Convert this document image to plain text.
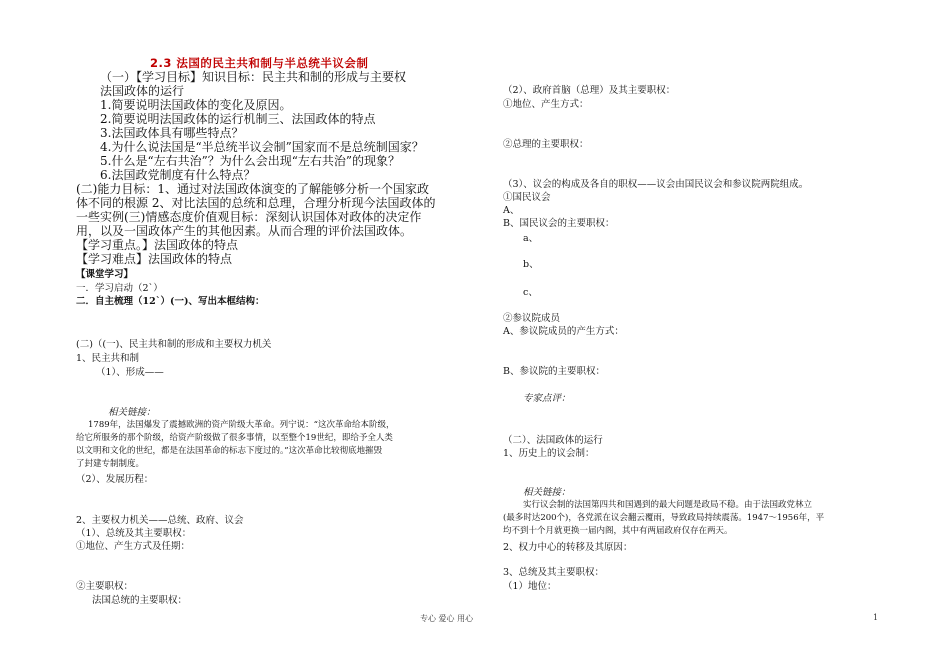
2.3 法国的民主共和制与半总统半议会制
（一）【学习目标】知识目标：民主共和制的形成与主要权
法国政体的运行
1.简要说明法国政体的变化及原因。
2.简要说明法国政体的运行机制三、法国政体的特点
3.法国政体具有哪些特点？
4.为什么说法国是“半总统半议会制”国家而不是总统制国家？
5.什么是“左右共治”？为什么会出现“左右共治”的现象？
6.法国政党制度有什么特点？
(二)能力目标：1、通过对法国政体演变的了解能够分析一个国家政
体不同的根源 2、对比法国的总统和总理，合理分析现今法国政体的
一些实例(三)情感态度价值观目标：深刻认识国体对政体的决定作
用，以及一国政体产生的其他因素。从而合理的评价法国政体。
【学习重点。】法国政体的特点
【学习难点】法国政体的特点
【课堂学习】
一．学习启动（2`）
二．自主梳理（12`）(一)、写出本框结构：
(二)（(一)、民主共和制的形成和主要权力机关
1、民主共和制
（1）、形成——
相关链接：
1789年，法国爆发了震撼欧洲的资产阶级大革命。列宁说：“这次革命给本阶级，
给它所服务的那个阶级，给资产阶级做了很多事情，以至整个19世纪，即给予全人类
以文明和文化的世纪，都是在法国革命的标志下度过的。”这次革命比较彻底地摧毁
了封建专制制度。
（2）、发展历程：
2、主要权力机关——总统、政府、议会
（1）、总统及其主要职权：
①地位、产生方式及任期：
②主要职权：
法国总统的主要职权：
（2）、政府首脑（总理）及其主要职权：
①地位、产生方式：
②总理的主要职权：
（3）、议会的构成及各自的职权——议会由国民议会和参议院两院组成。
①国民议会
A、
B、国民议会的主要职权：
a、
b、
c、
②参议院成员
A、参议院成员的产生方式：
B、参议院的主要职权：
专家点评：
（二）、法国政体的运行
1、历史上的议会制：
相关链接：
实行议会制的法国第四共和国遇到的最大问题是政局不稳。由于法国政党林立
(最多时达200个)，各党派在议会翻云覆雨，导致政局持续震荡。1947～1956年，平
均不到十个月就更换一届内阁，其中有两届政府仅存在两天。
2、权力中心的转移及其原因：
3、总统及其主要职权：
（1）地位：
专心 爱心 用心	1
